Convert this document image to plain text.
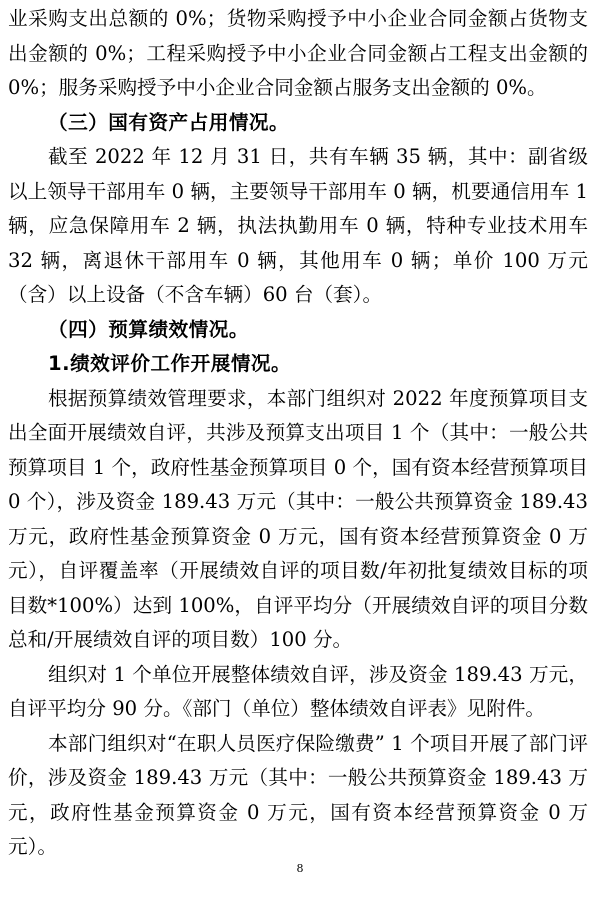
业采购支出总额的 0%；货物采购授予中小企业合同金额占货物支出金额的 0%；工程采购授予中小企业合同金额占工程支出金额的 0%；服务采购授予中小企业合同金额占服务支出金额的 0%。

（三）国有资产占用情况。

截至 2022 年 12 月 31 日，共有车辆 35 辆，其中：副省级以上领导干部用车 0 辆，主要领导干部用车 0 辆，机要通信用车 1 辆，应急保障用车 2 辆，执法执勤用车 0 辆，特种专业技术用车 32 辆，离退休干部用车 0 辆，其他用车 0 辆；单价 100 万元（含）以上设备（不含车辆）60 台（套）。

（四）预算绩效情况。

1.绩效评价工作开展情况。

根据预算绩效管理要求，本部门组织对 2022 年度预算项目支出全面开展绩效自评，共涉及预算支出项目 1 个（其中：一般公共预算项目 1 个，政府性基金预算项目 0 个，国有资本经营预算项目 0 个），涉及资金 189.43 万元（其中：一般公共预算资金 189.43 万元，政府性基金预算资金 0 万元，国有资本经营预算资金 0 万元），自评覆盖率（开展绩效自评的项目数/年初批复绩效目标的项目数*100%）达到 100%，自评平均分（开展绩效自评的项目分数总和/开展绩效自评的项目数）100 分。

组织对 1 个单位开展整体绩效自评，涉及资金 189.43 万元，自评平均分 90 分。《部门（单位）整体绩效自评表》见附件。

本部门组织对“在职人员医疗保险缴费” 1 个项目开展了部门评价，涉及资金 189.43 万元（其中：一般公共预算资金 189.43 万元，政府性基金预算资金 0 万元，国有资本经营预算资金 0 万元）。

8
